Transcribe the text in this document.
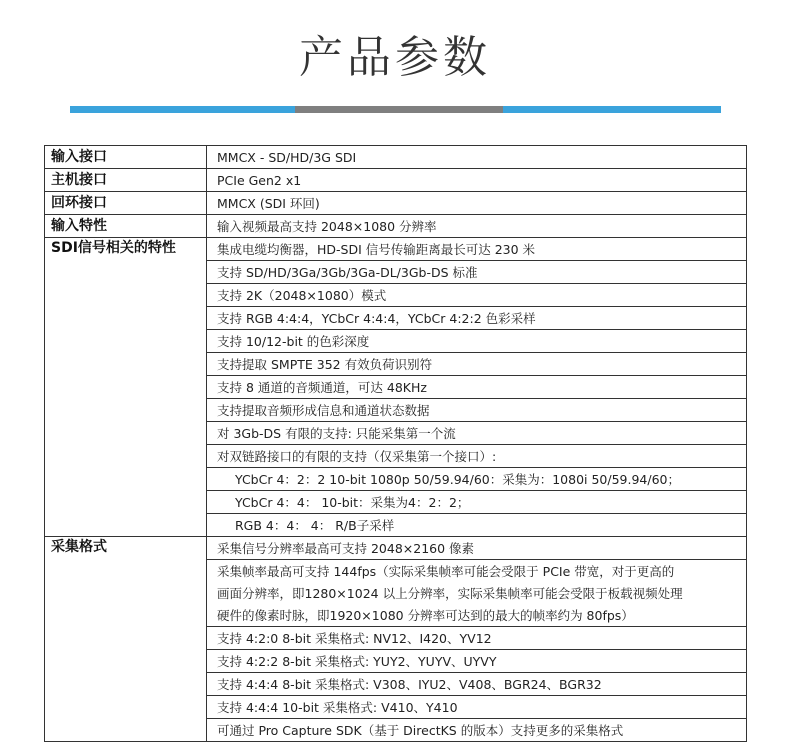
产品参数
输入接口	MMCX - SD/HD/3G SDI
主机接口	PCIe Gen2 x1
回环接口	MMCX (SDI 环回)
输入特性	输入视频最高支持 2048×1080 分辨率
SDI信号相关的特性	集成电缆均衡器，HD-SDI 信号传输距离最长可达 230 米
	支持 SD/HD/3Ga/3Gb/3Ga-DL/3Gb-DS 标准
	支持 2K（2048×1080）模式
	支持 RGB 4:4:4，YCbCr 4:4:4，YCbCr 4:2:2 色彩采样
	支持 10/12-bit 的色彩深度
	支持提取 SMPTE 352 有效负荷识别符
	支持 8 通道的音频通道，可达 48KHz
	支持提取音频形成信息和通道状态数据
	对 3Gb-DS 有限的支持: 只能采集第一个流
	对双链路接口的有限的支持（仅采集第一个接口）:
	YCbCr 4：2：2 10-bit 1080p 50/59.94/60：采集为：1080i 50/59.94/60；
	YCbCr 4：4： 10-bit：采集为4：2：2；
	RGB 4：4： 4： R/B子采样
采集格式	采集信号分辨率最高可支持 2048×2160 像素
	采集帧率最高可支持 144fps（实际采集帧率可能会受限于 PCIe 带宽，对于更高的
	画面分辨率，即1280×1024 以上分辨率，实际采集帧率可能会受限于板载视频处理
	硬件的像素时脉，即1920×1080 分辨率可达到的最大的帧率约为 80fps）
	支持 4:2:0 8-bit 采集格式: NV12、I420、YV12
	支持 4:2:2 8-bit 采集格式: YUY2、YUYV、UYVY
	支持 4:4:4 8-bit 采集格式: V308、IYU2、V408、BGR24、BGR32
	支持 4:4:4 10-bit 采集格式: V410、Y410
	可通过 Pro Capture SDK（基于 DirectKS 的版本）支持更多的采集格式
